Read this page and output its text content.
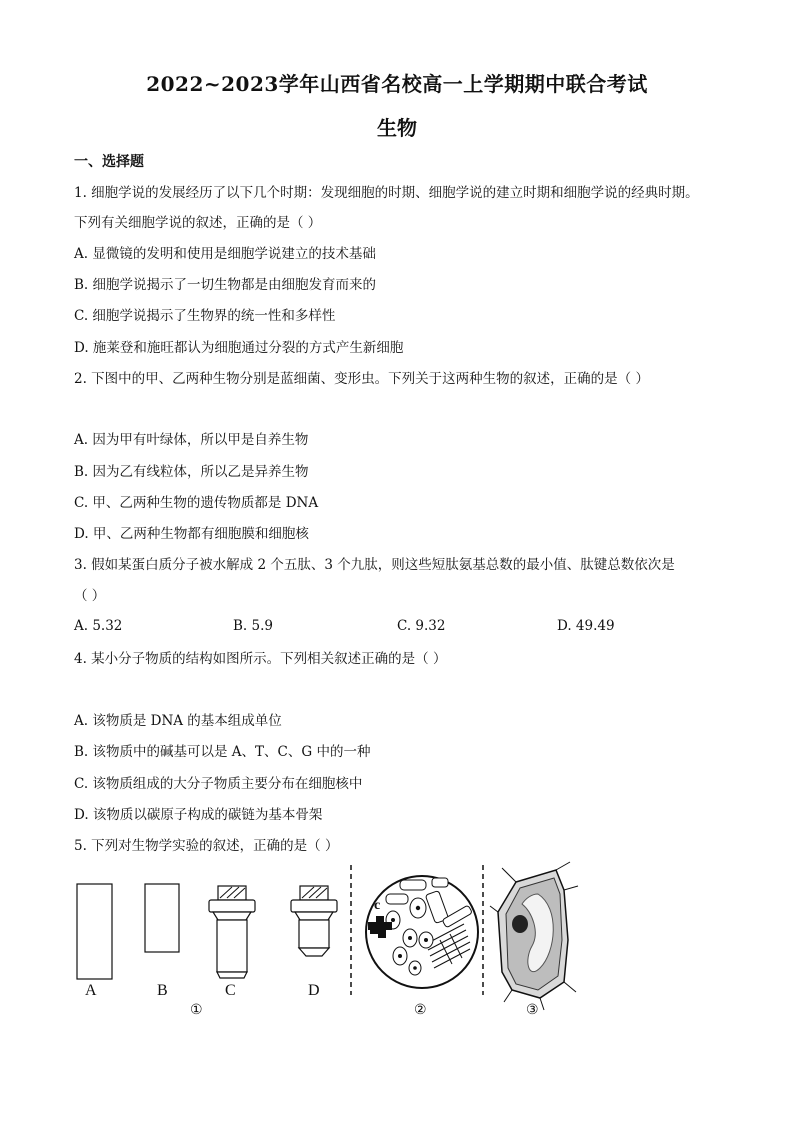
2022~2023学年山西省名校高一上学期期中联合考试
生物
一、选择题
1. 细胞学说的发展经历了以下几个时期：发现细胞的时期、细胞学说的建立时期和细胞学说的经典时期。
下列有关细胞学说的叙述，正确的是（ ）
A. 显微镜的发明和使用是细胞学说建立的技术基础
B. 细胞学说揭示了一切生物都是由细胞发育而来的
C. 细胞学说揭示了生物界的统一性和多样性
D. 施莱登和施旺都认为细胞通过分裂的方式产生新细胞
2. 下图中的甲、乙两种生物分别是蓝细菌、变形虫。下列关于这两种生物的叙述，正确的是（ ）
A. 因为甲有叶绿体，所以甲是自养生物
B. 因为乙有线粒体，所以乙是异养生物
C. 甲、乙两种生物的遗传物质都是 DNA
D. 甲、乙两种生物都有细胞膜和细胞核
3. 假如某蛋白质分子被水解成 2 个五肽、3 个九肽，则这些短肽氨基总数的最小值、肽键总数依次是
（ ）
A. 5.32	B. 5.9	C. 9.32	D. 49.49
4. 某小分子物质的结构如图所示。下列相关叙述正确的是（ ）
A. 该物质是 DNA 的基本组成单位
B. 该物质中的碱基可以是 A、T、C、G 中的一种
C. 该物质组成的大分子物质主要分布在细胞核中
D. 该物质以碳原子构成的碳链为基本骨架
5. 下列对生物学实验的叙述，正确的是（ ）
A	B	C	D
c
①	②	③
